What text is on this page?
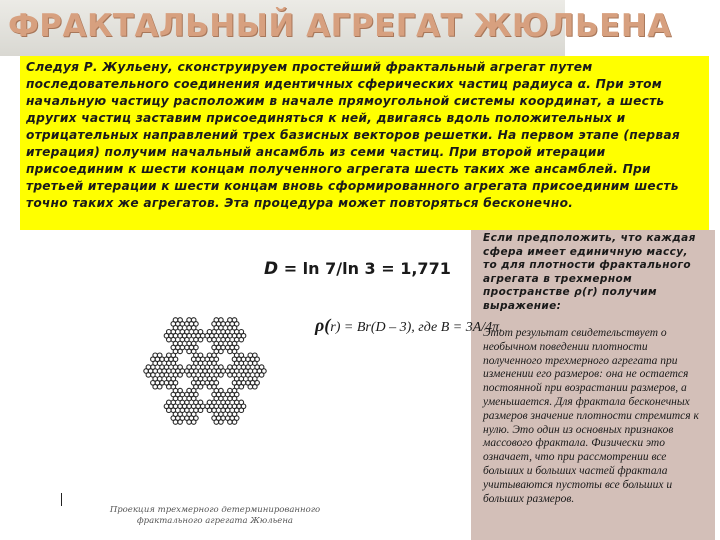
ФРАКТАЛЬНЫЙ АГРЕГАТ ЖЮЛЬЕНА
Следуя Р. Жульену, сконструируем простейший фрактальный агрегат путем последовательного соединения идентичных сферических частиц радиуса α. При этом начальную частицу расположим в начале прямоугольной системы координат, а шесть других частиц заставим присоединяться к ней, двигаясь вдоль положительных и отрицательных направлений трех базисных векторов решетки. На первом этапе (первая итерация) получим начальный ансамбль из семи частиц. При второй итерации присоединим к шести концам полученного агрегата шесть таких же ансамблей. При третьей итерации к шести концам вновь сформированного агрегата присоединим шесть точно таких же агрегатов. Эта процедура может повторяться бесконечно.
Проекция трехмерного детерминированного фрактального агрегата Жюльена
D = ln 7/ln 3 = 1,771
Если предположить, что каждая сфера имеет единичную массу, то для плотности фрактального агрегата в трехмерном пространстве ρ(r) получим выражение:
Этот результат свидетельствует о необычном поведении плотности полученного трехмерного агрегата при изменении его размеров: она не остается постоянной при возрастании размеров, а уменьшается. Для фрактала бесконечных размеров значение плотности стремится к нулю. Это один из основных признаков массового фрактала. Физически это означает, что при рассмотрении все больших и больших частей фрактала учитываются пустоты все больших и больших размеров.
ρ(r) = Br(D – 3), где B = 3A/4π.
